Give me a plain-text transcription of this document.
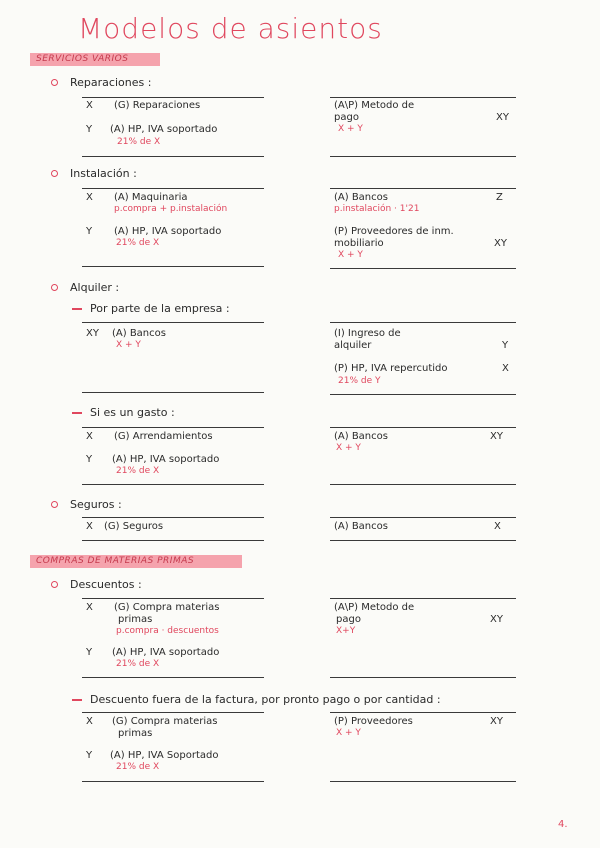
Modelos de asientos
SERVICIOS VARIOS
Reparaciones :
X (G) Reparaciones
Y (A) HP, IVA soportado
21% de X
(A\P) Metodo de
pago	XY
X + Y
Instalación :
X (A) Maquinaria
p.compra + p.instalación
Y (A) HP, IVA soportado
21% de X
(A) Bancos	Z
p.instalación · 1'21
(P) Proveedores de inm.
mobiliario	XY
X + Y
Alquiler :
Por parte de la empresa :
XY (A) Bancos
X + Y
(I) Ingreso de
alquiler	Y
(P) HP, IVA repercutido	X
21% de Y
Si es un gasto :
X (G) Arrendamientos
Y (A) HP, IVA soportado
21% de X
(A) Bancos	XY
X + Y
Seguros :
X (G) Seguros	(A) Bancos	X
COMPRAS DE MATERIAS PRIMAS
Descuentos :
X (G) Compra materias
primas
p.compra · descuentos
Y (A) HP, IVA soportado
21% de X
(A\P) Metodo de
pago	XY
X+Y
Descuento fuera de la factura, por pronto pago o por cantidad :
X (G) Compra materias
primas
Y (A) HP, IVA Soportado
21% de X
(P) Proveedores	XY
X + Y
4.
